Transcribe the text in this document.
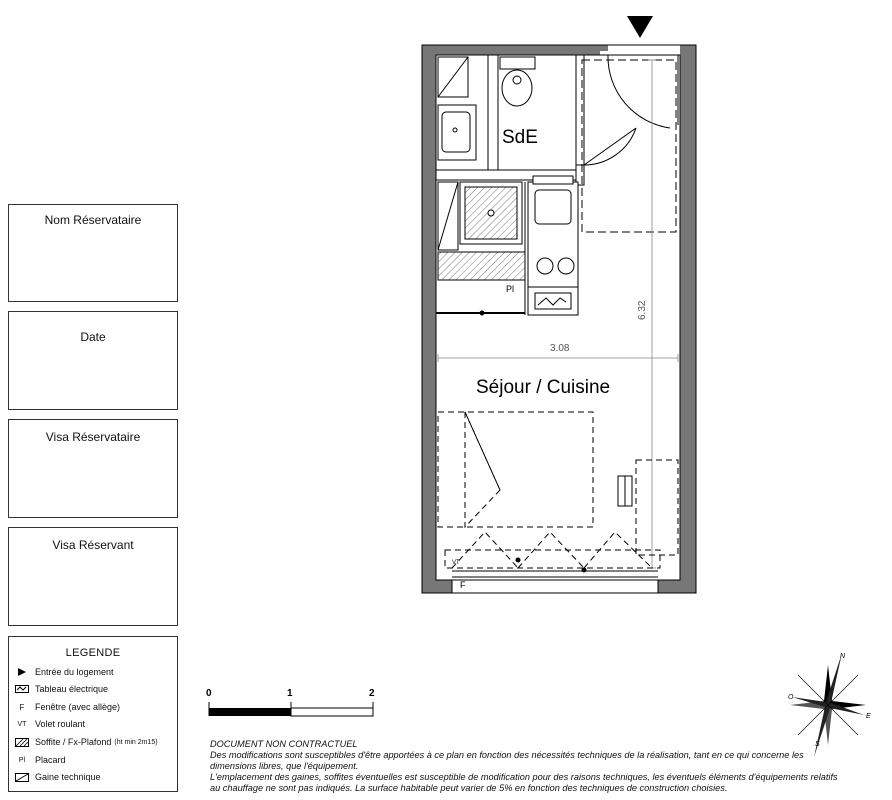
Nom Réservataire
Date
Visa Réservataire
Visa Réservant
LEGENDE
Entrée du logement
Tableau électrique
F	Fenêtre (avec allège)
VT Volet roulant
Soffite / Fx-Plafond (ht min 2m15)
Pl	Placard
Gaine technique
SdE
Séjour / Cuisine
3.08
6.32
Pl
F
VT
N
S
E
O
0	1	2
DOCUMENT NON CONTRACTUEL
Des modifications sont susceptibles d'être apportées à ce plan en fonction des nécessités techniques de la réalisation, tant en ce qui concerne les
dimensions libres, que l'équipement.
L'emplacement des gaines, soffites éventuelles est susceptible de modification pour des raisons techniques, les éventuels éléments d'équipements relatifs
au chauffage ne sont pas indiqués. La surface habitable peut varier de 5% en fonction des techniques de construction choisies.
